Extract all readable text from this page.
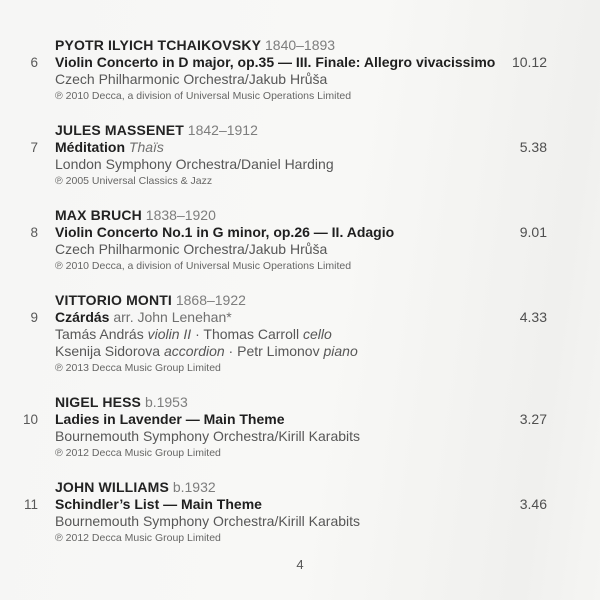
PYOTR ILYICH TCHAIKOVSKY 1840–1893
6 Violin Concerto in D major, op.35 — III. Finale: Allegro vivacissimo 10.12
Czech Philharmonic Orchestra/Jakub Hrůša
℗ 2010 Decca, a division of Universal Music Operations Limited
JULES MASSENET 1842–1912
7 Méditation Thaïs	5.38
London Symphony Orchestra/Daniel Harding
℗ 2005 Universal Classics & Jazz
MAX BRUCH 1838–1920
8 Violin Concerto No.1 in G minor, op.26 — II. Adagio	9.01
Czech Philharmonic Orchestra/Jakub Hrůša
℗ 2010 Decca, a division of Universal Music Operations Limited
VITTORIO MONTI 1868–1922
9 Czárdás arr. John Lenehan*	4.33
Tamás András violin II · Thomas Carroll cello
Ksenija Sidorova accordion · Petr Limonov piano
℗ 2013 Decca Music Group Limited
NIGEL HESS b.1953
10 Ladies in Lavender — Main Theme	3.27
Bournemouth Symphony Orchestra/Kirill Karabits
℗ 2012 Decca Music Group Limited
JOHN WILLIAMS b.1932
11 Schindler’s List — Main Theme	3.46
Bournemouth Symphony Orchestra/Kirill Karabits
℗ 2012 Decca Music Group Limited
4
